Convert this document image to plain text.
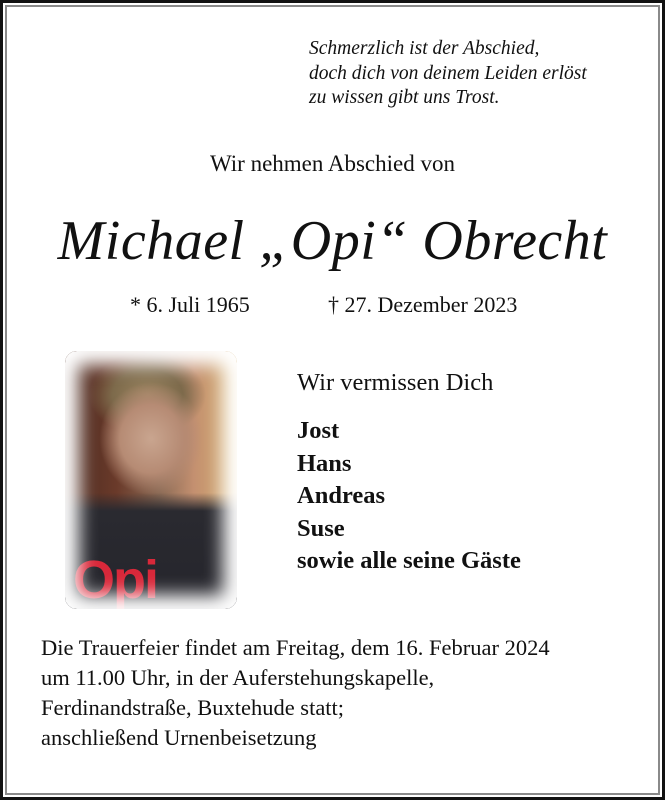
Schmerzlich ist der Abschied,
doch dich von deinem Leiden erlöst
zu wissen gibt uns Trost.
Wir nehmen Abschied von
Michael „Opi“ Obrecht
* 6. Juli 1965	† 27. Dezember 2023
Opi
Wir vermissen Dich
Jost
Hans
Andreas
Suse
sowie alle seine Gäste
Die Trauerfeier findet am Freitag, dem 16. Februar 2024
um 11.00 Uhr, in der Auferstehungskapelle,
Ferdinandstraße, Buxtehude statt;
anschließend Urnenbeisetzung
